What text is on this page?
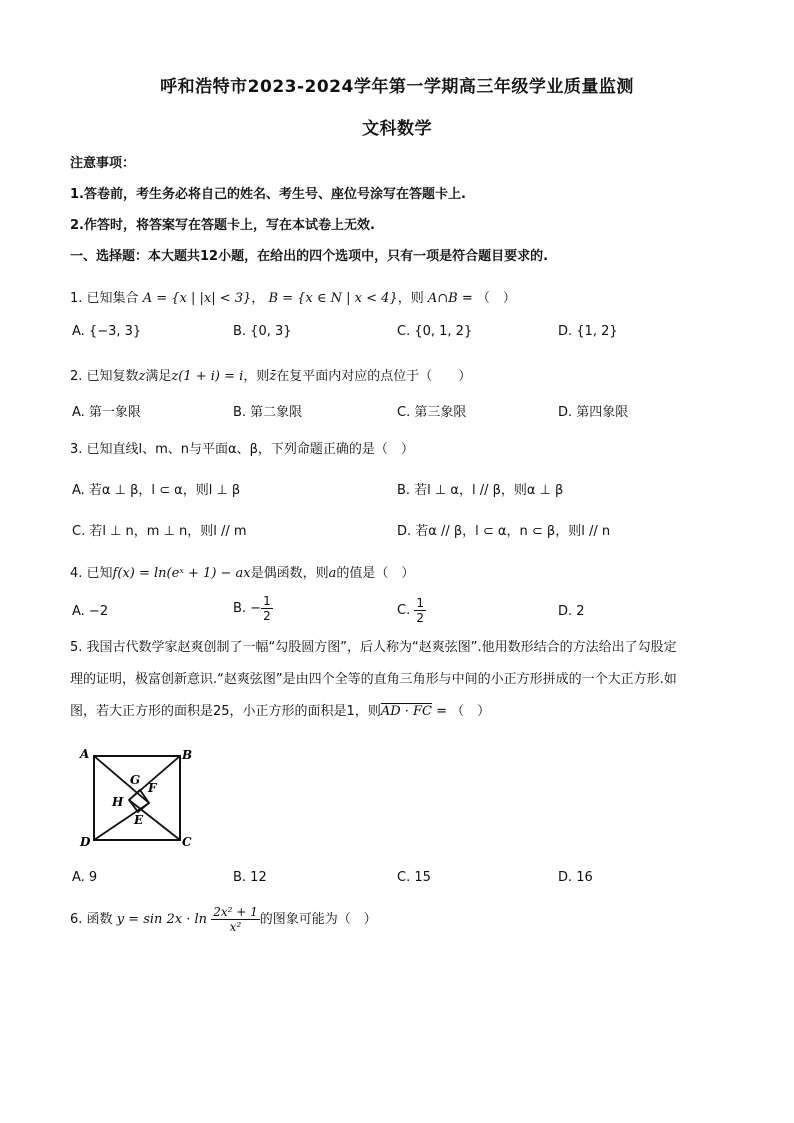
呼和浩特市2023-2024学年第一学期高三年级学业质量监测
文科数学
注意事项：
1.答卷前，考生务必将自己的姓名、考生号、座位号涂写在答题卡上.
2.作答时，将答案写在答题卡上，写在本试卷上无效.
一、选择题：本大题共12小题，在给出的四个选项中，只有一项是符合题目要求的.
1. 已知集合 A = {x | |x| < 3}， B = {x ∈ N | x < 4}，则 A∩B = （　）
A. {−3, 3}	B. {0, 3}	C. {0, 1, 2}	D. {1, 2}
2. 已知复数z满足z(1 + i) = i，则z̄在复平面内对应的点位于（　　）
A. 第一象限	B. 第二象限	C. 第三象限	D. 第四象限
3. 已知直线l、m、n与平面α、β，下列命题正确的是（　）
A. 若α ⊥ β，l ⊂ α，则l ⊥ β	B. 若l ⊥ α，l // β，则α ⊥ β
C. 若l ⊥ n，m ⊥ n，则l // m	D. 若α // β，l ⊂ α，n ⊂ β，则l // n
4. 已知f(x) = ln(eˣ + 1) − ax是偶函数，则a的值是（　）
A. −2	B. − $\frac{1}{2}$	C. $\frac{1}{2}$	D. 2
5. 我国古代数学家赵爽创制了一幅“勾股圆方图”，后人称为“赵爽弦图”.他用数形结合的方法给出了勾股定
理的证明，极富创新意识.“赵爽弦图”是由四个全等的直角三角形与中间的小正方形拼成的一个大正方形.如
图，若大正方形的面积是25，小正方形的面积是1，则AD · FC = （　）
A	B
C
D
E
F
G
H
A. 9	B. 12	C. 15	D. 16
6. 函数 $y = \sin 2x \cdot \ln \frac{\text{2x² + 1}}{\text{x²}}$ 的图象可能为（　）
